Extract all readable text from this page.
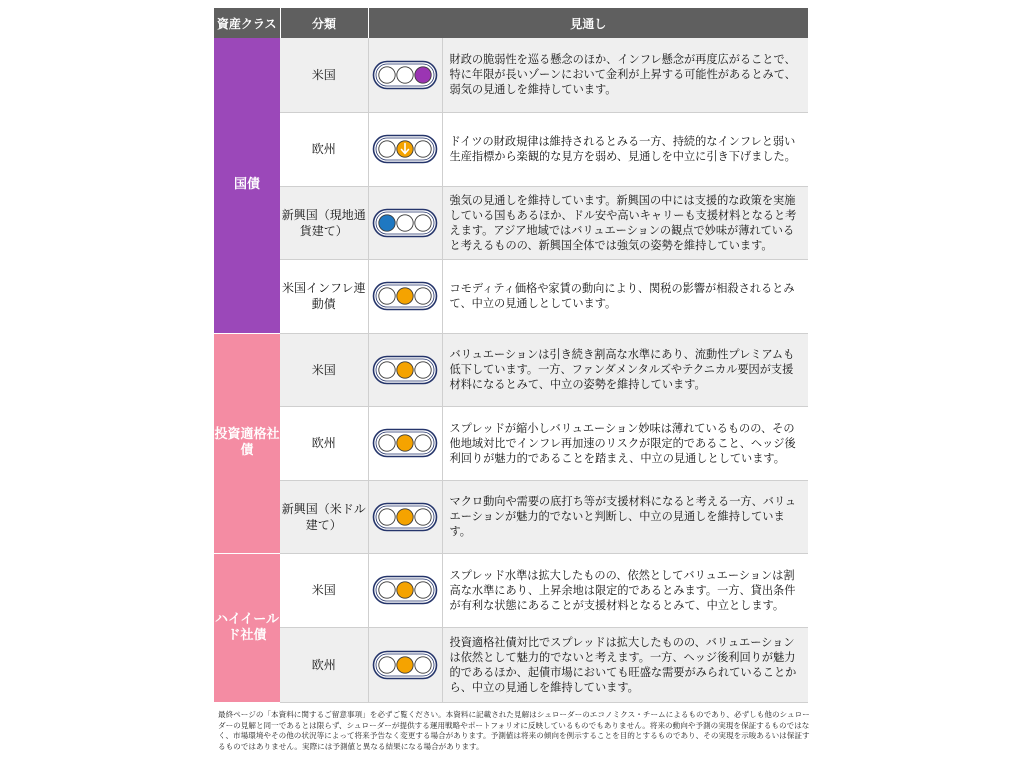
資産クラス	分類	見通し	
国債	米国		財政の脆弱性を巡る懸念のほか、インフレ懸念が再度広がることで、特に年限が長いゾーンにおいて金利が上昇する可能性があるとみて、弱気の見通しを維持しています。
	欧州		ドイツの財政規律は維持されるとみる一方、持続的なインフレと弱い生産指標から楽観的な見方を弱め、見通しを中立に引き下げました。
	新興国（現地通貨建て）		強気の見通しを維持しています。新興国の中には支援的な政策を実施している国もあるほか、ドル安や高いキャリーも支援材料となると考えます。アジア地域ではバリュエーションの観点で妙味が薄れていると考えるものの、新興国全体では強気の姿勢を維持しています。
	米国インフレ連動債		コモディティ価格や家賃の動向により、関税の影響が相殺されるとみて、中立の見通しとしています。
投資適格社債	米国		バリュエーションは引き続き割高な水準にあり、流動性プレミアムも低下しています。一方、ファンダメンタルズやテクニカル要因が支援材料になるとみて、中立の姿勢を維持しています。
	欧州		スプレッドが縮小しバリュエーション妙味は薄れているものの、その他地域対比でインフレ再加速のリスクが限定的であること、ヘッジ後利回りが魅力的であることを踏まえ、中立の見通しとしています。
	新興国（米ドル建て）		マクロ動向や需要の底打ち等が支援材料になると考える一方、バリュエーションが魅力的でないと判断し、中立の見通しを維持しています。
ハイイールド社債	米国		スプレッド水準は拡大したものの、依然としてバリュエーションは割高な水準にあり、上昇余地は限定的であるとみます。一方、貸出条件が有利な状態にあることが支援材料となるとみて、中立とします。
	欧州		投資適格社債対比でスプレッドは拡大したものの、バリュエーションは依然として魅力的でないと考えます。一方、ヘッジ後利回りが魅力的であるほか、起債市場においても旺盛な需要がみられていることから、中立の見通しを維持しています。
最終ページの「本資料に関するご留意事項」を必ずご覧ください。本資料に記載された見解はシュローダーのエコノミクス・チームによるものであり、必ずしも他のシュローダーの見解と同一であるとは限らず、シュローダーが提供する運用戦略やポートフォリオに反映しているものでもありません。将来の動向や予測の実現を保証するものではなく、市場環境やその他の状況等によって将来予告なく変更する場合があります。予測値は将来の傾向を例示することを目的とするものであり、その実現を示唆あるいは保証するものではありません。実際には予測値と異なる結果になる場合があります。
